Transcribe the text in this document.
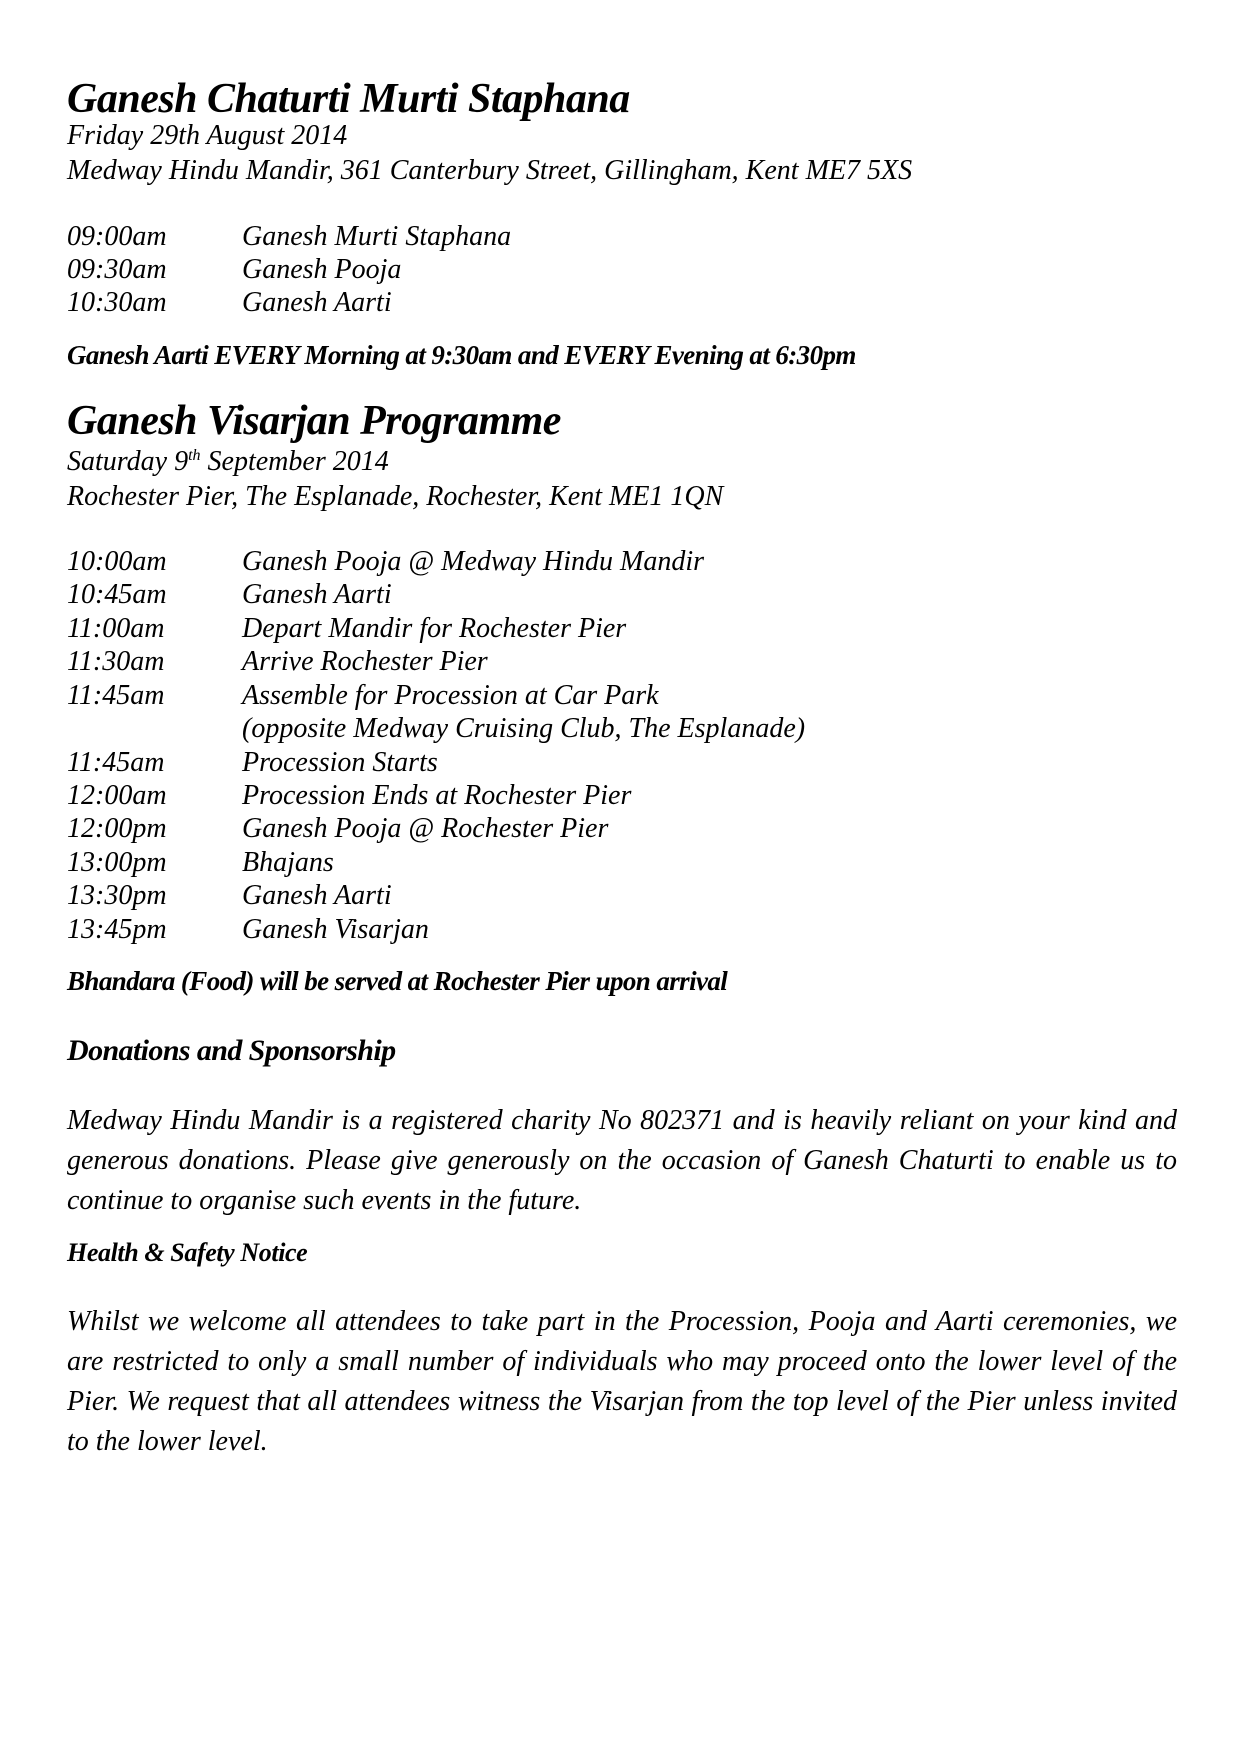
Ganesh Chaturti Murti Staphana

Friday 29th August 2014

Medway Hindu Mandir, 361 Canterbury Street, Gillingham, Kent ME7 5XS

09:00am	Ganesh Murti Staphana
09:30am	Ganesh Pooja
10:30am	Ganesh Aarti

Ganesh Aarti EVERY Morning at 9:30am and EVERY Evening at 6:30pm

Ganesh Visarjan Programme

Saturday 9th September 2014

Rochester Pier, The Esplanade, Rochester, Kent ME1 1QN

10:00am	Ganesh Pooja @ Medway Hindu Mandir
10:45am	Ganesh Aarti
11:00am	Depart Mandir for Rochester Pier
11:30am	Arrive Rochester Pier
11:45am	Assemble for Procession at Car Park
(opposite Medway Cruising Club, The Esplanade)
11:45am	Procession Starts
12:00am	Procession Ends at Rochester Pier
12:00pm	Ganesh Pooja @ Rochester Pier
13:00pm	Bhajans
13:30pm	Ganesh Aarti
13:45pm	Ganesh Visarjan

Bhandara (Food) will be served at Rochester Pier upon arrival

Donations and Sponsorship

Medway Hindu Mandir is a registered charity No 802371 and is heavily reliant on your kind and generous donations. Please give generously on the occasion of Ganesh Chaturti to enable us to continue to organise such events in the future.

Health & Safety Notice

Whilst we welcome all attendees to take part in the Procession, Pooja and Aarti ceremonies, we are restricted to only a small number of individuals who may proceed onto the lower level of the Pier. We request that all attendees witness the Visarjan from the top level of the Pier unless invited to the lower level.
